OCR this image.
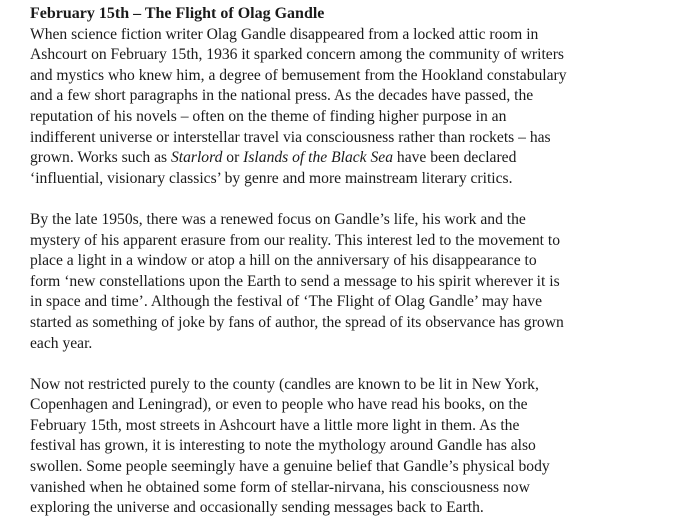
February 15th – The Flight of Olag Gandle

When science fiction writer Olag Gandle disappeared from a locked attic room in
Ashcourt on February 15th, 1936 it sparked concern among the community of writers
and mystics who knew him, a degree of bemusement from the Hookland constabulary
and a few short paragraphs in the national press. As the decades have passed, the
reputation of his novels – often on the theme of finding higher purpose in an
indifferent universe or interstellar travel via consciousness rather than rockets – has
grown. Works such as Starlord or Islands of the Black Sea have been declared
‘influential, visionary classics’ by genre and more mainstream literary critics.

By the late 1950s, there was a renewed focus on Gandle’s life, his work and the
mystery of his apparent erasure from our reality. This interest led to the movement to
place a light in a window or atop a hill on the anniversary of his disappearance to
form ‘new constellations upon the Earth to send a message to his spirit wherever it is
in space and time’. Although the festival of ‘The Flight of Olag Gandle’ may have
started as something of joke by fans of author, the spread of its observance has grown
each year.

Now not restricted purely to the county (candles are known to be lit in New York,
Copenhagen and Leningrad), or even to people who have read his books, on the
February 15th, most streets in Ashcourt have a little more light in them. As the
festival has grown, it is interesting to note the mythology around Gandle has also
swollen. Some people seemingly have a genuine belief that Gandle’s physical body
vanished when he obtained some form of stellar-nirvana, his consciousness now
exploring the universe and occasionally sending messages back to Earth.
